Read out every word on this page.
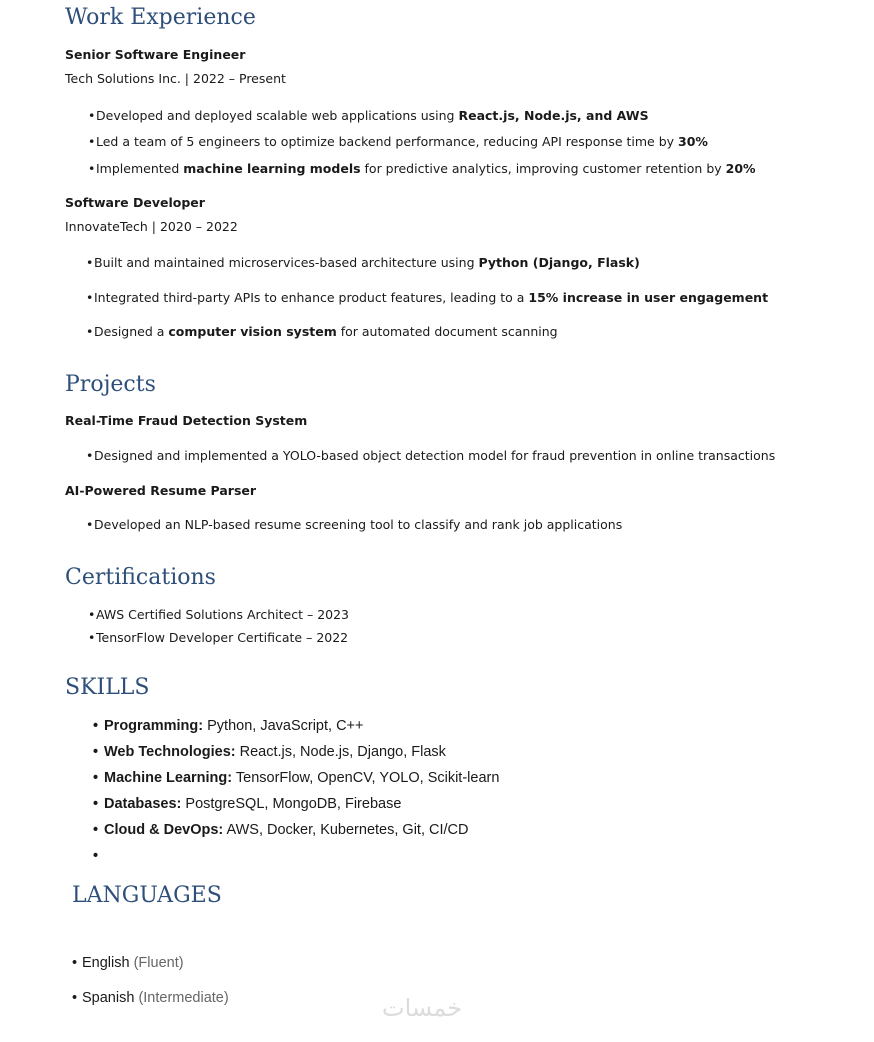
Work Experience
Senior Software Engineer
Tech Solutions Inc. | 2022 – Present
•Developed and deployed scalable web applications using React.js, Node.js, and AWS
•Led a team of 5 engineers to optimize backend performance, reducing API response time by 30%
•Implemented machine learning models for predictive analytics, improving customer retention by 20%
Software Developer
InnovateTech | 2020 – 2022
•Built and maintained microservices-based architecture using Python (Django, Flask)
•Integrated third-party APIs to enhance product features, leading to a 15% increase in user engagement
•Designed a computer vision system for automated document scanning
Projects
Real-Time Fraud Detection System
•Designed and implemented a YOLO-based object detection model for fraud prevention in online transactions
AI-Powered Resume Parser
•Developed an NLP-based resume screening tool to classify and rank job applications
Certifications
•AWS Certified Solutions Architect – 2023
•TensorFlow Developer Certificate – 2022
SKILLS
• Programming: Python, JavaScript, C++
• Web Technologies: React.js, Node.js, Django, Flask
• Machine Learning: TensorFlow, OpenCV, YOLO, Scikit-learn
• Databases: PostgreSQL, MongoDB, Firebase
• Cloud & DevOps: AWS, Docker, Kubernetes, Git, CI/CD
•
LANGUAGES
• English (Fluent)
• Spanish (Intermediate)	خمسات
